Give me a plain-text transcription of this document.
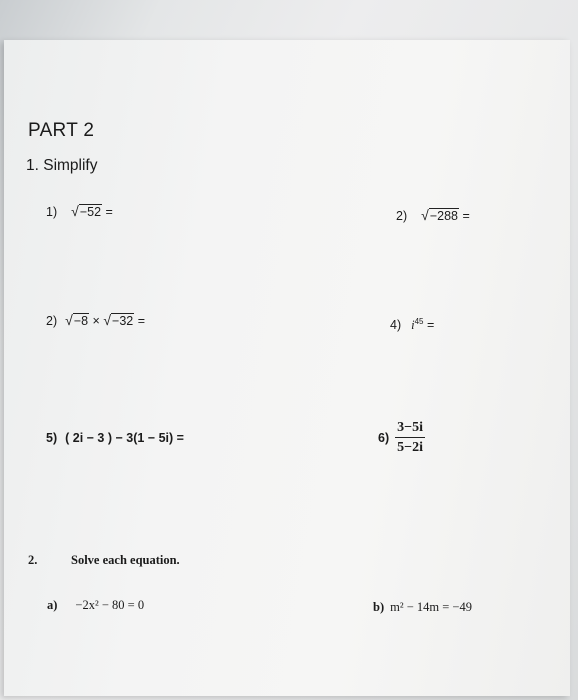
PART 2
1. Simplify
1) √−52 =	2) √−288 =
2) √−8 × √−32 =	4) $i^{45}$ =
5) ( 2i − 3 ) − 3(1 − 5i) =	$6) \frac{3-5i}{5-2i}$
2.	Solve each equation.
a) −2x² − 80 = 0	b) m² − 14m = −49
